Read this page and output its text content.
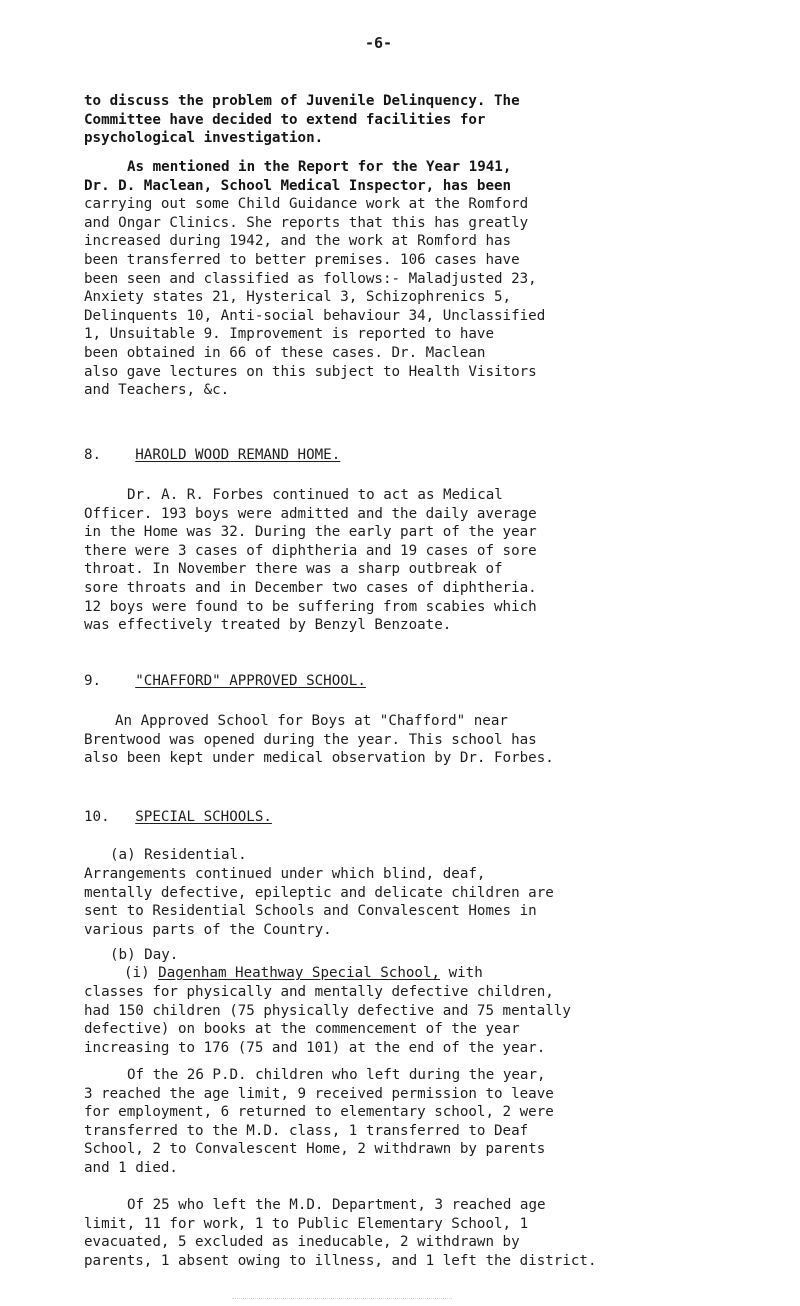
-6-

to discuss the problem of Juvenile Delinquency. The

Committee have decided to extend facilities for

psychological investigation.

As mentioned in the Report for the Year 1941,

Dr. D. Maclean, School Medical Inspector, has been

carrying out some Child Guidance work at the Romford

and Ongar Clinics. She reports that this has greatly

increased during 1942, and the work at Romford has

been transferred to better premises. 106 cases have

been seen and classified as follows:- Maladjusted 23,

Anxiety states 21, Hysterical 3, Schizophrenics 5,

Delinquents 10, Anti-social behaviour 34, Unclassified

1, Unsuitable 9. Improvement is reported to have

been obtained in 66 of these cases. Dr. Maclean

also gave lectures on this subject to Health Visitors

and Teachers, &c.

8. HAROLD WOOD REMAND HOME.

Dr. A. R. Forbes continued to act as Medical

Officer. 193 boys were admitted and the daily average

in the Home was 32. During the early part of the year

there were 3 cases of diphtheria and 19 cases of sore

throat. In November there was a sharp outbreak of

sore throats and in December two cases of diphtheria.

12 boys were found to be suffering from scabies which

was effectively treated by Benzyl Benzoate.

9. "CHAFFORD" APPROVED SCHOOL.

An Approved School for Boys at "Chafford" near

Brentwood was opened during the year. This school has

also been kept under medical observation by Dr. Forbes.

10. SPECIAL SCHOOLS.

(a) Residential.

Arrangements continued under which blind, deaf,

mentally defective, epileptic and delicate children are

sent to Residential Schools and Convalescent Homes in

various parts of the Country.

(b) Day.

(i) Dagenham Heathway Special School, with

classes for physically and mentally defective children,

had 150 children (75 physically defective and 75 mentally

defective) on books at the commencement of the year

increasing to 176 (75 and 101) at the end of the year.

Of the 26 P.D. children who left during the year,

3 reached the age limit, 9 received permission to leave

for employment, 6 returned to elementary school, 2 were

transferred to the M.D. class, 1 transferred to Deaf

School, 2 to Convalescent Home, 2 withdrawn by parents

and 1 died.

Of 25 who left the M.D. Department, 3 reached age

limit, 11 for work, 1 to Public Elementary School, 1

evacuated, 5 excluded as ineducable, 2 withdrawn by

parents, 1 absent owing to illness, and 1 left the district.
